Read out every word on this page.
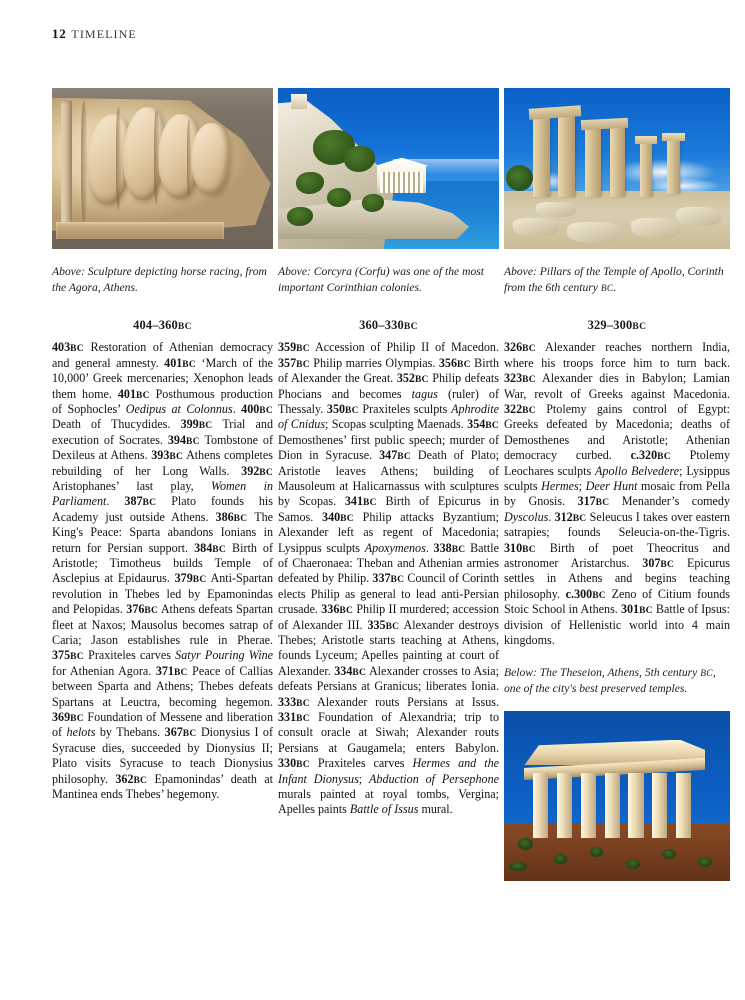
12 TIMELINE
Above: Sculpture depicting horse racing, from the Agora, Athens.
404–360BC
403BC Restoration of Athenian democracy and general amnesty. 401BC ‘March of the 10,000’ Greek mercenaries; Xenophon leads them home. 401BC Posthumous production of Sophocles’ Oedipus at Colonnus. 400BC Death of Thucydides. 399BC Trial and execution of Socrates. 394BC Tombstone of Dexileus at Athens. 393BC Athens completes rebuilding of her Long Walls. 392BC Aristophanes’ last play, Women in Parliament. 387BC Plato founds his Academy just outside Athens. 386BC The King's Peace: Sparta abandons Ionians in return for Persian support. 384BC Birth of Aristotle; Timotheus builds Temple of Asclepius at Epidaurus. 379BC Anti-Spartan revolution in Thebes led by Epamonindas and Pelopidas. 376BC Athens defeats Spartan fleet at Naxos; Mausolus becomes satrap of Caria; Jason establishes rule in Pherae. 375BC Praxiteles carves Satyr Pouring Wine for Athenian Agora. 371BC Peace of Callias between Sparta and Athens; Thebes defeats Spartans at Leuctra, becoming hegemon. 369BC Foundation of Messene and liberation of helots by Thebans. 367BC Dionysius I of Syracuse dies, succeeded by Dionysius II; Plato visits Syracuse to teach Dionysius philosophy. 362BC Epamonindas’ death at Mantinea ends Thebes’ hegemony.
Above: Corcyra (Corfu) was one of the most important Corinthian colonies.
360–330BC
359BC Accession of Philip II of Macedon. 357BC Philip marries Olympias. 356BC Birth of Alexander the Great. 352BC Philip defeats Phocians and becomes tagus (ruler) of Thessaly. 350BC Praxiteles sculpts Aphrodite of Cnidus; Scopas sculpting Maenads. 354BC Demosthenes’ first public speech; murder of Dion in Syracuse. 347BC Death of Plato; Aristotle leaves Athens; building of Mausoleum at Halicarnassus with sculptures by Scopas. 341BC Birth of Epicurus in Samos. 340BC Philip attacks Byzantium; Alexander left as regent of Macedonia; Lysippus sculpts Apoxymenos. 338BC Battle of Chaeronaea: Theban and Athenian armies defeated by Philip. 337BC Council of Corinth elects Philip as general to lead anti-Persian crusade. 336BC Philip II murdered; accession of Alexander III. 335BC Alexander destroys Thebes; Aristotle starts teaching at Athens, founds Lyceum; Apelles painting at court of Alexander. 334BC Alexander crosses to Asia; defeats Persians at Granicus; liberates Ionia. 333BC Alexander routs Persians at Issus. 331BC Foundation of Alexandria; trip to consult oracle at Siwah; Alexander routs Persians at Gaugamela; enters Babylon. 330BC Praxiteles carves Hermes and the Infant Dionysus; Abduction of Persephone murals painted at royal tombs, Vergina; Apelles paints Battle of Issus mural.
Above: Pillars of the Temple of Apollo, Corinth from the 6th century BC.
329–300BC
326BC Alexander reaches northern India, where his troops force him to turn back. 323BC Alexander dies in Babylon; Lamian War, revolt of Greeks against Macedonia. 322BC Ptolemy gains control of Egypt: Greeks defeated by Macedonia; deaths of Demosthenes and Aristotle; Athenian democracy curbed. c.320BC Ptolemy Leochares sculpts Apollo Belvedere; Lysippus sculpts Hermes; Deer Hunt mosaic from Pella by Gnosis. 317BC Menander’s comedy Dyscolus. 312BC Seleucus I takes over eastern satrapies; founds Seleucia-on-the-Tigris. 310BC Birth of poet Theocritus and astronomer Aristarchus. 307BC Epicurus settles in Athens and begins teaching philosophy. c.300BC Zeno of Citium founds Stoic School in Athens. 301BC Battle of Ipsus: division of Hellenistic world into 4 main kingdoms.
Below: The Theseion, Athens, 5th century BC, one of the city's best preserved temples.
